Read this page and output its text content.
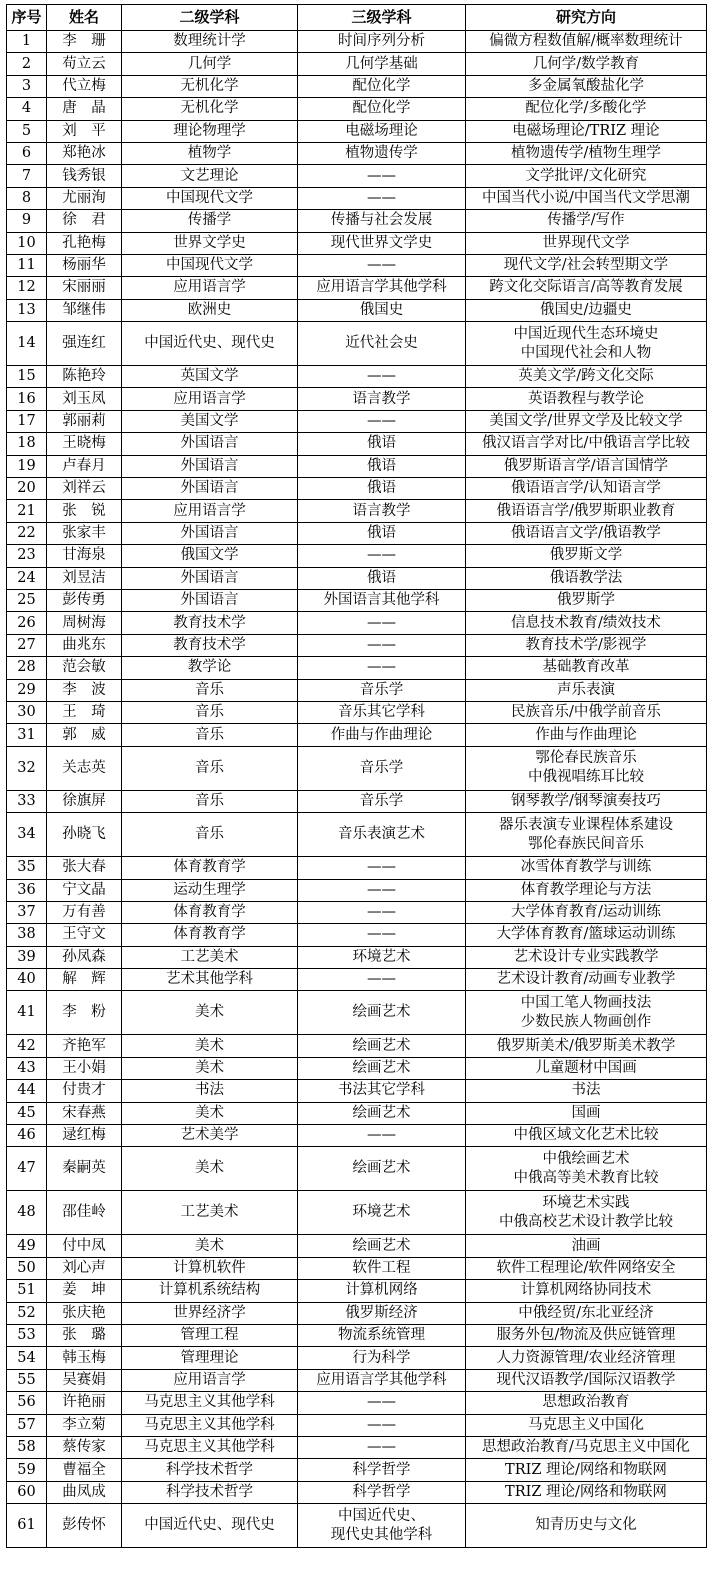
序号	姓名	二级学科	三级学科	研究方向
1	李　珊	数理统计学	时间序列分析	偏微方程数值解/概率数理统计
2	苟立云	几何学	几何学基础	几何学/数学教育
3	代立梅	无机化学	配位化学	多金属氧酸盐化学
4	唐　晶	无机化学	配位化学	配位化学/多酸化学
5	刘　平	理论物理学	电磁场理论	电磁场理论/TRIZ 理论
6	郑艳冰	植物学	植物遗传学	植物遗传学/植物生理学
7	钱秀银	文艺理论	——	文学批评/文化研究
8	尤丽洵	中国现代文学	——	中国当代小说/中国当代文学思潮
9	徐　君	传播学	传播与社会发展	传播学/写作
10	孔艳梅	世界文学史	现代世界文学史	世界现代文学
11	杨丽华	中国现代文学	——	现代文学/社会转型期文学
12	宋丽丽	应用语言学	应用语言学其他学科	跨文化交际语言/高等教育发展
13	邹继伟	欧洲史	俄国史	俄国史/边疆史
14	强连红	中国近代史、现代史	近代社会史	中国近现代生态环境史
中国现代社会和人物
15	陈艳玲	英国文学	——	英美文学/跨文化交际
16	刘玉凤	应用语言学	语言教学	英语教程与教学论
17	郭丽莉	美国文学	——	美国文学/世界文学及比较文学
18	王晓梅	外国语言	俄语	俄汉语言学对比/中俄语言学比较
19	卢春月	外国语言	俄语	俄罗斯语言学/语言国情学
20	刘祥云	外国语言	俄语	俄语语言学/认知语言学
21	张　锐	应用语言学	语言教学	俄语语言学/俄罗斯职业教育
22	张家丰	外国语言	俄语	俄语语言文学/俄语教学
23	甘海泉	俄国文学	——	俄罗斯文学
24	刘昱洁	外国语言	俄语	俄语教学法
25	彭传勇	外国语言	外国语言其他学科	俄罗斯学
26	周树海	教育技术学	——	信息技术教育/绩效技术
27	曲兆东	教育技术学	——	教育技术学/影视学
28	范会敏	教学论	——	基础教育改革
29	李　波	音乐	音乐学	声乐表演
30	王　琦	音乐	音乐其它学科	民族音乐/中俄学前音乐
31	郭　威	音乐	作曲与作曲理论	作曲与作曲理论
32	关志英	音乐	音乐学	鄂伦春民族音乐
中俄视唱练耳比较
33	徐旗屏	音乐	音乐学	钢琴教学/钢琴演奏技巧
34	孙晓飞	音乐	音乐表演艺术	器乐表演专业课程体系建设
鄂伦春族民间音乐
35	张大春	体育教育学	——	冰雪体育教学与训练
36	宁文晶	运动生理学	——	体育教学理论与方法
37	万有善	体育教育学	——	大学体育教育/运动训练
38	王守文	体育教育学	——	大学体育教育/篮球运动训练
39	孙凤森	工艺美术	环境艺术	艺术设计专业实践教学
40	解　辉	艺术其他学科	——	艺术设计教育/动画专业教学
41	李　粉	美术	绘画艺术	中国工笔人物画技法
少数民族人物画创作
42	齐艳军	美术	绘画艺术	俄罗斯美术/俄罗斯美术教学
43	王小娟	美术	绘画艺术	儿童题材中国画
44	付贵才	书法	书法其它学科	书法
45	宋春燕	美术	绘画艺术	国画
46	逯红梅	艺术美学	——	中俄区域文化艺术比较
47	秦嗣英	美术	绘画艺术	中俄绘画艺术
中俄高等美术教育比较
48	邵佳岭	工艺美术	环境艺术	环境艺术实践
中俄高校艺术设计教学比较
49	付中凤	美术	绘画艺术	油画
50	刘心声	计算机软件	软件工程	软件工程理论/软件网络安全
51	姜　坤	计算机系统结构	计算机网络	计算机网络协同技术
52	张庆艳	世界经济学	俄罗斯经济	中俄经贸/东北亚经济
53	张　璐	管理工程	物流系统管理	服务外包/物流及供应链管理
54	韩玉梅	管理理论	行为科学	人力资源管理/农业经济管理
55	吴赛娟	应用语言学	应用语言学其他学科	现代汉语教学/国际汉语教学
56	许艳丽	马克思主义其他学科	——	思想政治教育
57	李立菊	马克思主义其他学科	——	马克思主义中国化
58	蔡传家	马克思主义其他学科	——	思想政治教育/马克思主义中国化
59	曹福全	科学技术哲学	科学哲学	TRIZ 理论/网络和物联网
60	曲凤成	科学技术哲学	科学哲学	TRIZ 理论/网络和物联网
61	彭传怀	中国近代史、现代史	中国近代史、
现代史其他学科	知青历史与文化
